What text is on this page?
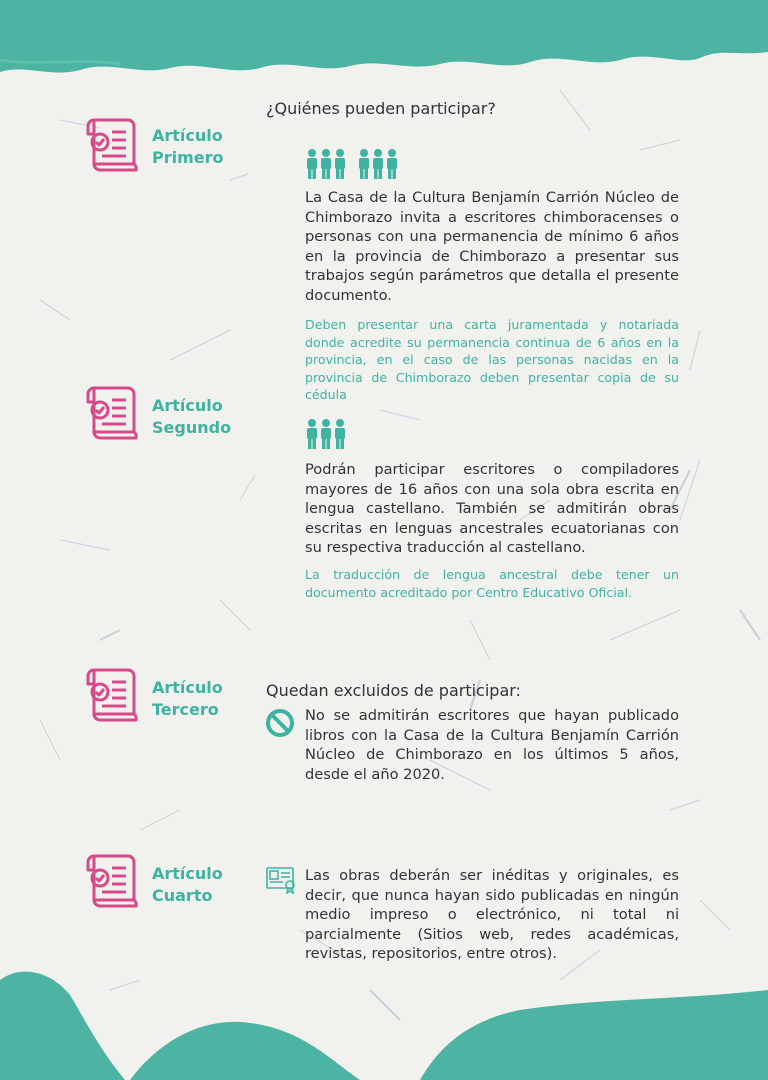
Artículo
Primero
Artículo
Segundo
Artículo
Tercero
Artículo
Cuarto
¿Quiénes pueden participar?
La Casa de la Cultura Benjamín Carrión Núcleo de Chimborazo invita a escritores chimboracenses o personas con una permanencia de mínimo 6 años en la provincia de Chimborazo a presentar sus trabajos según parámetros que detalla el presente documento.
Deben presentar una carta juramentada y notariada donde acredite su permanencia continua de 6 años en la provincia, en el caso de las personas nacidas en la provincia de Chimborazo deben presentar copia de su cédula
Podrán participar escritores o compiladores mayores de 16 años con una sola obra escrita en lengua castellano. También se admitirán obras escritas en lenguas ancestrales ecuatorianas con su respectiva traducción al castellano.
La traducción de lengua ancestral debe tener un documento acreditado por Centro Educativo Oficial.
Quedan excluidos de participar:
No se admitirán escritores que hayan publicado libros con la Casa de la Cultura Benjamín Carrión Núcleo de Chimborazo en los últimos 5 años, desde el año 2020.
Las obras deberán ser inéditas y originales, es decir, que nunca hayan sido publicadas en ningún medio impreso o electrónico, ni total ni parcialmente (Sitios web, redes académicas, revistas, repositorios, entre otros).
